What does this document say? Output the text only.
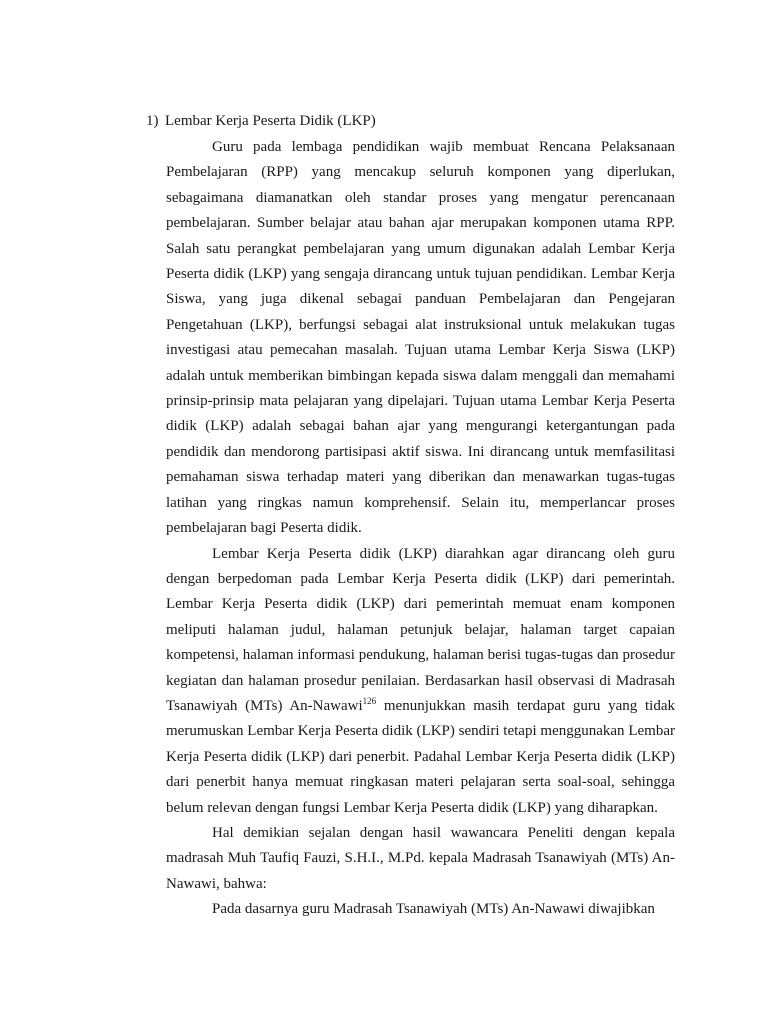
1) Lembar Kerja Peserta Didik (LKP)

Guru pada lembaga pendidikan wajib membuat Rencana Pelaksanaan Pembelajaran (RPP) yang mencakup seluruh komponen yang diperlukan, sebagaimana diamanatkan oleh standar proses yang mengatur perencanaan pembelajaran. Sumber belajar atau bahan ajar merupakan komponen utama RPP. Salah satu perangkat pembelajaran yang umum digunakan adalah Lembar Kerja Peserta didik (LKP) yang sengaja dirancang untuk tujuan pendidikan. Lembar Kerja Siswa, yang juga dikenal sebagai panduan Pembelajaran dan Pengejaran Pengetahuan (LKP), berfungsi sebagai alat instruksional untuk melakukan tugas investigasi atau pemecahan masalah. Tujuan utama Lembar Kerja Siswa (LKP) adalah untuk memberikan bimbingan kepada siswa dalam menggali dan memahami prinsip-prinsip mata pelajaran yang dipelajari. Tujuan utama Lembar Kerja Peserta didik (LKP) adalah sebagai bahan ajar yang mengurangi ketergantungan pada pendidik dan mendorong partisipasi aktif siswa. Ini dirancang untuk memfasilitasi pemahaman siswa terhadap materi yang diberikan dan menawarkan tugas-tugas latihan yang ringkas namun komprehensif. Selain itu, memperlancar proses pembelajaran bagi Peserta didik.

Lembar Kerja Peserta didik (LKP) diarahkan agar dirancang oleh guru dengan berpedoman pada Lembar Kerja Peserta didik (LKP) dari pemerintah. Lembar Kerja Peserta didik (LKP) dari pemerintah memuat enam komponen meliputi halaman judul, halaman petunjuk belajar, halaman target capaian kompetensi, halaman informasi pendukung, halaman berisi tugas-tugas dan prosedur kegiatan dan halaman prosedur penilaian. Berdasarkan hasil observasi di Madrasah Tsanawiyah (MTs) An-Nawawi$^{126}$ menunjukkan masih terdapat guru yang tidak merumuskan Lembar Kerja Peserta didik (LKP) sendiri tetapi menggunakan Lembar Kerja Peserta didik (LKP) dari penerbit. Padahal Lembar Kerja Peserta didik (LKP) dari penerbit hanya memuat ringkasan materi pelajaran serta soal-soal, sehingga belum relevan dengan fungsi Lembar Kerja Peserta didik (LKP) yang diharapkan.

Hal demikian sejalan dengan hasil wawancara Peneliti dengan kepala madrasah Muh Taufiq Fauzi, S.H.I., M.Pd. kepala Madrasah Tsanawiyah (MTs) An-Nawawi, bahwa:

Pada dasarnya guru Madrasah Tsanawiyah (MTs) An-Nawawi diwajibkan
